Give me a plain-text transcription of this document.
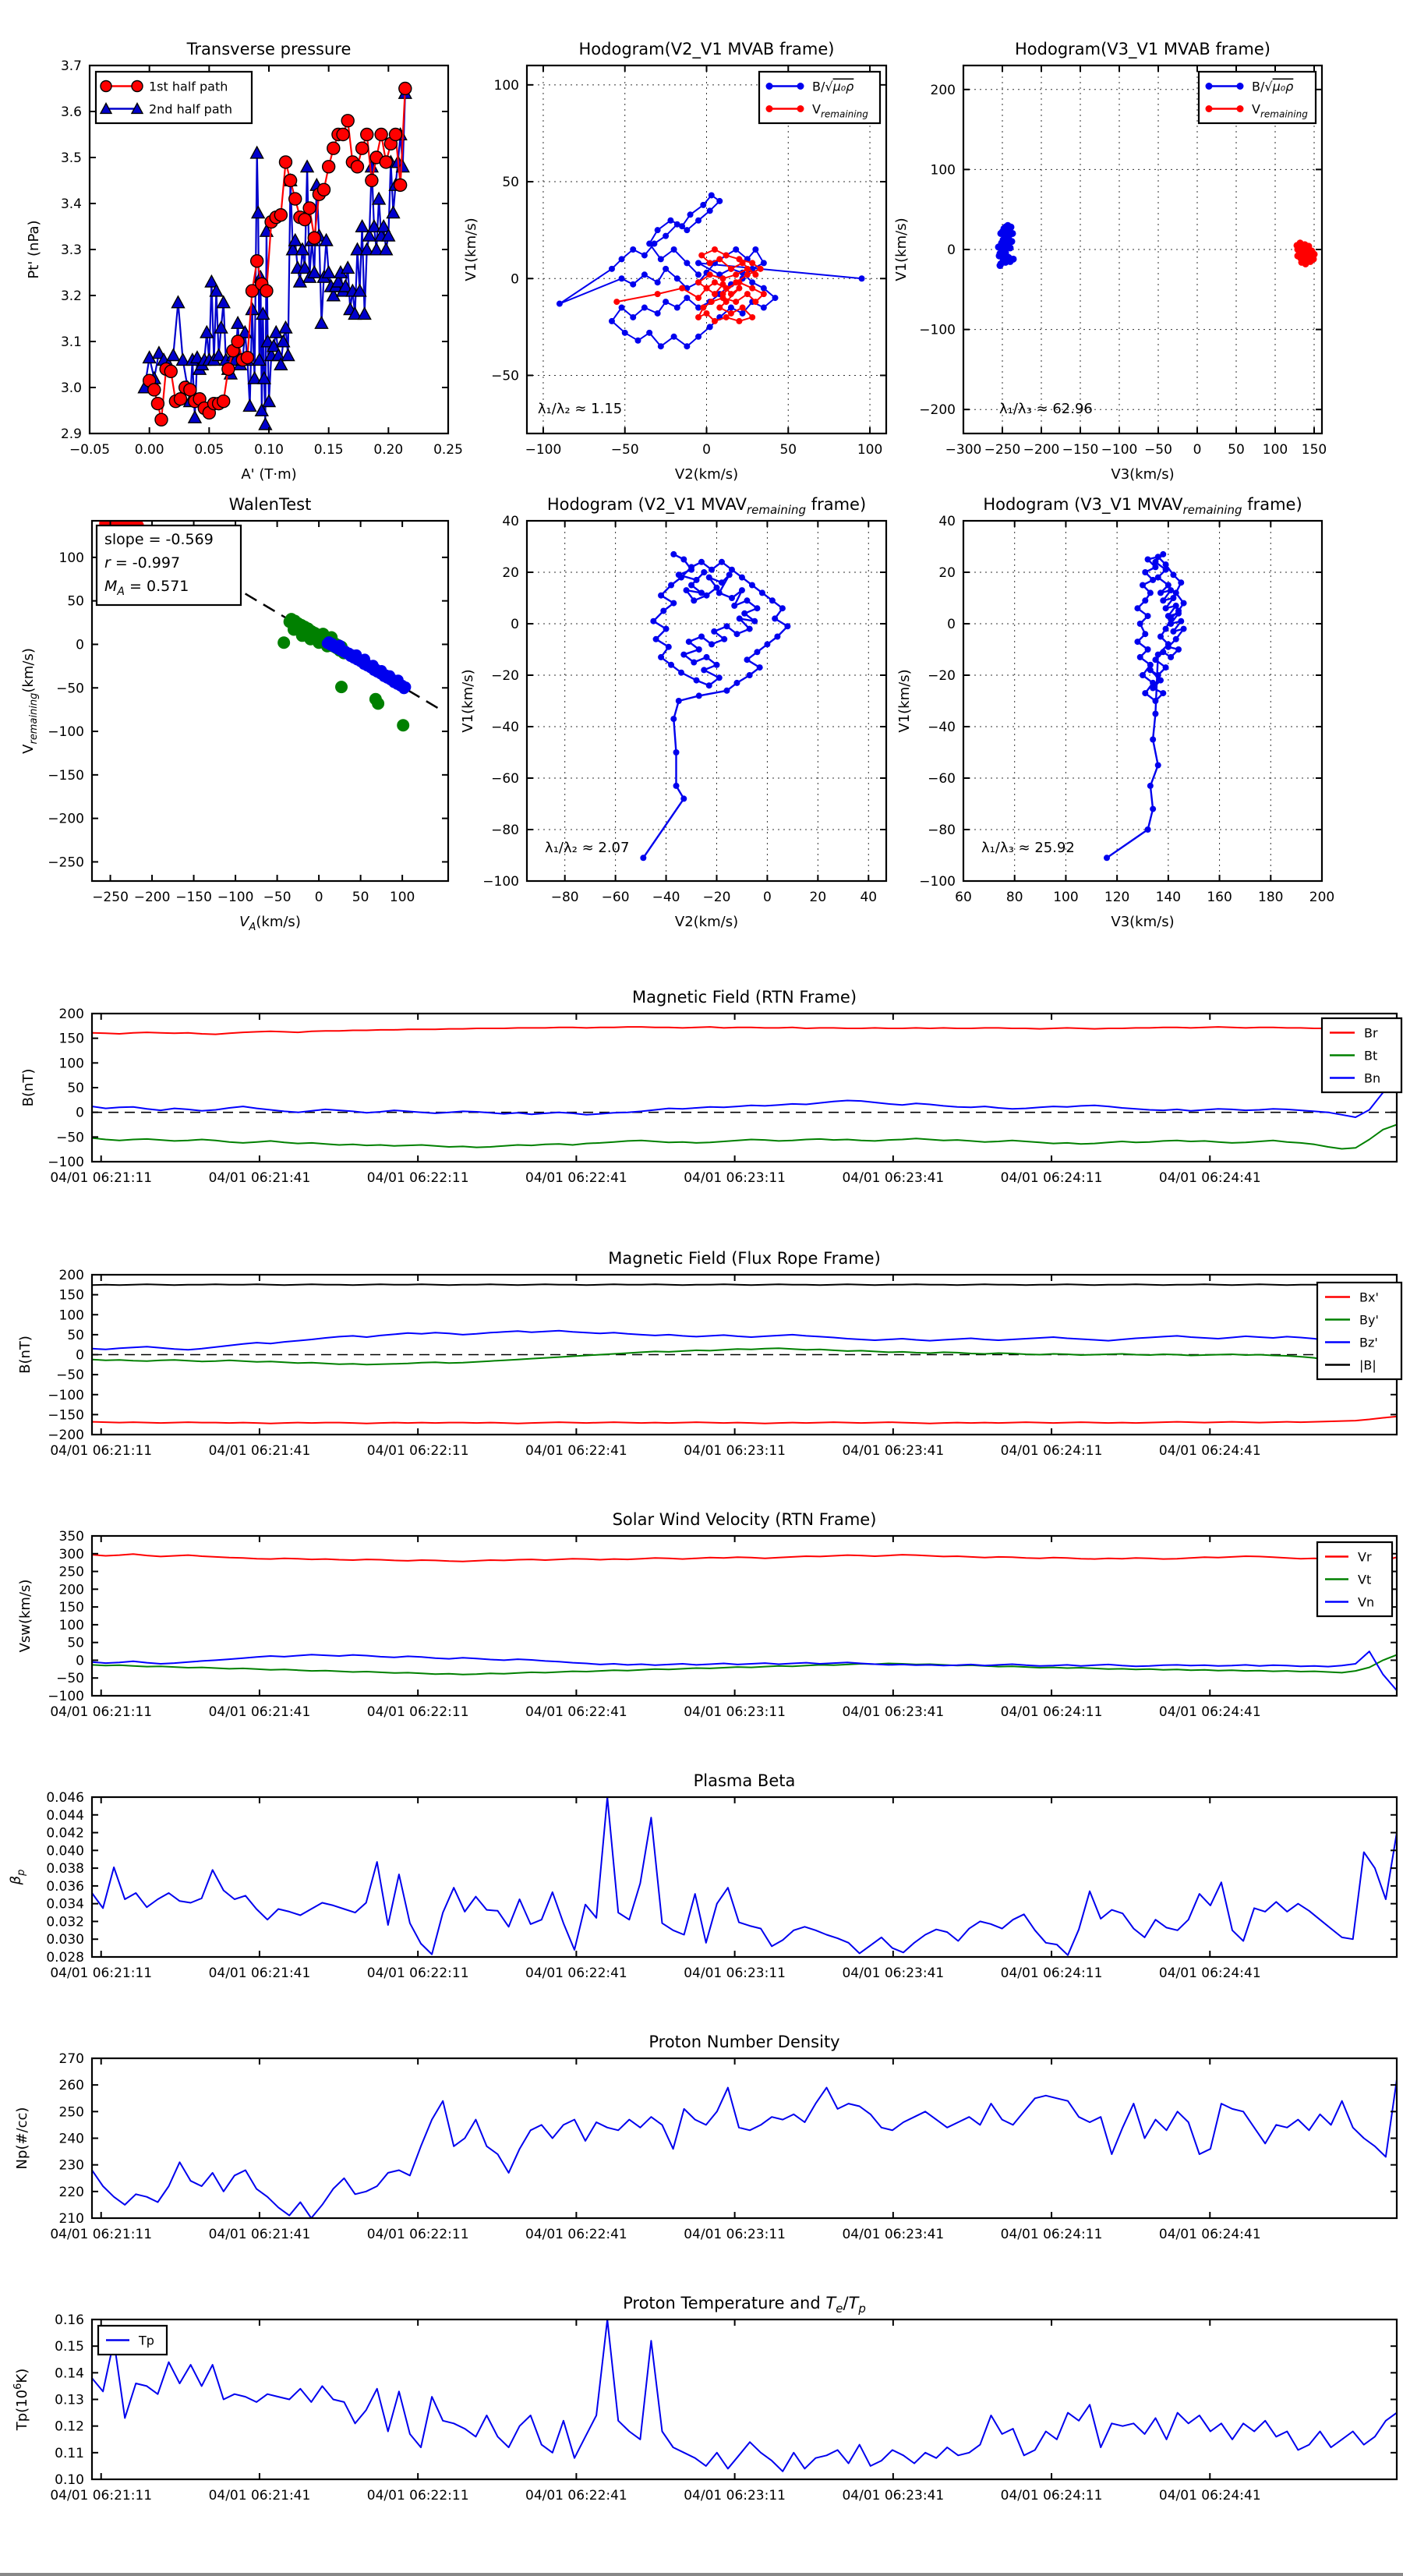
−0.05 0.00 0.05 0.10 0.15 0.20 0.25
2.9
3.0
3.1
3.2
3.3
3.4
3.5
3.6
3.7
Transverse pressure
A' (T·m)
Pt' (nPa)
1st half path
2nd half path
−100	−50	0	50	100
100
50
0
−50
Hodogram(V2_V1 MVAB frame)
V2(km/s)
V1(km/s)
λ₁/λ₂ ≈ 1.15
B/√μ₀ρ
$V_{remaining}$
−300 −250 −200 −150 −100 −50 0 50 100 150
200
100
0
−100
−200
Hodogram(V3_V1 MVAB frame)
V3(km/s)
V1(km/s)
λ₁/λ₃ ≈ 62.96
B/√μ₀ρ
$V_{remaining}$
−250 −200 −150 −100 −50 0 50 100
100
50
0
−50
−100
−150
−200
−250
WalenTest
$V_A(km/s)$
$V_{remaining}(km/s)$
slope = -0.569
r = -0.997
$M_A = 0.571$
−80 −60 −40 −20 0	20	40
40
20
0
−20
−40
−60
−80
−100
Hodogram (V2_V1 $MVAV_{remaining}$ frame)
V2(km/s)
V1(km/s)
λ₁/λ₂ ≈ 2.07
60	80 100 120 140 160 180 200
40
20
0
−20
−40
−60
−80
−100
Hodogram (V3_V1 $MVAV_{remaining}$ frame)
V3(km/s)
V1(km/s)
λ₁/λ₃ ≈ 25.92
04/01 06:21:11	04/01 06:21:41	04/01 06:22:11	04/01 06:22:41	04/01 06:23:11	04/01 06:23:41	04/01 06:24:11	04/01 06:24:41
200
150
100
50
0
−50
−100
Magnetic Field (RTN Frame)
B(nT)
Br
Bt
Bn
04/01 06:21:11	04/01 06:21:41	04/01 06:22:11	04/01 06:22:41	04/01 06:23:11	04/01 06:23:41	04/01 06:24:11	04/01 06:24:41
200
150
100
50
0
−50
−100
−150
−200
Magnetic Field (Flux Rope Frame)
B(nT)
Bx'
By'
Bz'
|B|
04/01 06:21:11	04/01 06:21:41	04/01 06:22:11	04/01 06:22:41	04/01 06:23:11	04/01 06:23:41	04/01 06:24:11	04/01 06:24:41
350
300
250
200
150
100
50
0
−50
−100
Solar Wind Velocity (RTN Frame)
Vsw(km/s)
Vr
Vt
Vn
04/01 06:21:11	04/01 06:21:41	04/01 06:22:11	04/01 06:22:41	04/01 06:23:11	04/01 06:23:41	04/01 06:24:11	04/01 06:24:41
0.046
0.044
0.042
0.040
0.038
0.036
0.034
0.032
0.030
0.028
Plasma Beta
$\beta_p$
04/01 06:21:11	04/01 06:21:41	04/01 06:22:11	04/01 06:22:41	04/01 06:23:11	04/01 06:23:41	04/01 06:24:11	04/01 06:24:41
270
260
250
240
230
220
210
Proton Number Density
Np(#/cc)
04/01 06:21:11	04/01 06:21:41	04/01 06:22:11	04/01 06:22:41	04/01 06:23:11	04/01 06:23:41	04/01 06:24:11	04/01 06:24:41
0.16
0.15
0.14
0.13
0.12
0.11
0.10
Proton Temperature and $T_e/T_p$
$Tp(10^6K)$
Tp
